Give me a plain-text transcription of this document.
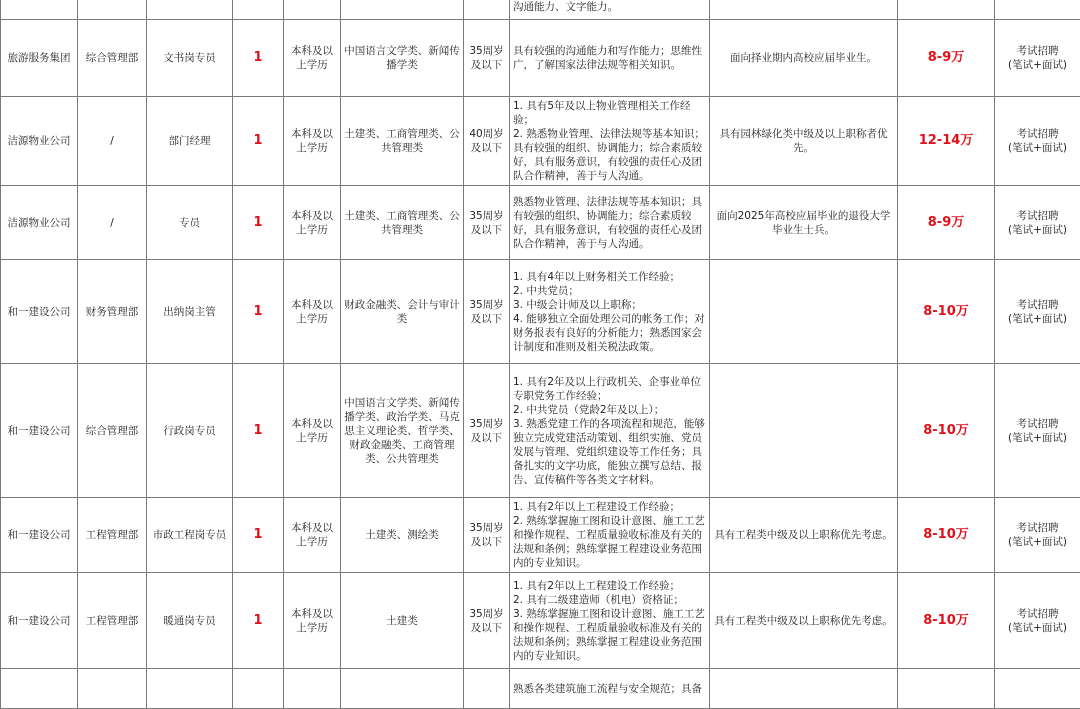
							沟通能力、文字能力。			

旅游服务集团	综合管理部	文书岗专员	1	本科及以上学历	中国语言文学类、新闻传播学类	35周岁及以下	具有较强的沟通能力和写作能力；思维性广，了解国家法律法规等相关知识。	面向择业期内高校应届毕业生。	8-9万	考试招聘
(笔试+面试)

洁源物业公司	/	部门经理	1	本科及以上学历	土建类、工商管理类、公共管理类	40周岁及以下	1. 具有5年及以上物业管理相关工作经验；
2. 熟悉物业管理、法律法规等基本知识；具有较强的组织、协调能力；综合素质较好，具有服务意识，有较强的责任心及团队合作精神，善于与人沟通。	具有园林绿化类中级及以上职称者优先。	12-14万	考试招聘
(笔试+面试)

洁源物业公司	/	专员	1	本科及以上学历	土建类、工商管理类、公共管理类	35周岁及以下	熟悉物业管理、法律法规等基本知识；具有较强的组织、协调能力；综合素质较好，具有服务意识，有较强的责任心及团队合作精神，善于与人沟通。	面向2025年高校应届毕业的退役大学毕业生士兵。	8-9万	考试招聘
(笔试+面试)

和一建设公司	财务管理部	出纳岗主管	1	本科及以上学历	财政金融类、会计与审计类	35周岁及以下	1. 具有4年以上财务相关工作经验；
2. 中共党员；
3. 中级会计师及以上职称；
4. 能够独立全面处理公司的帐务工作；对财务报表有良好的分析能力；熟悉国家会计制度和准则及相关税法政策。		8-10万	考试招聘
(笔试+面试)

和一建设公司	综合管理部	行政岗专员	1	本科及以上学历	中国语言文学类、新闻传播学类、政治学类、马克思主义理论类、哲学类、财政金融类、工商管理类、公共管理类	35周岁及以下	1. 具有2年及以上行政机关、企事业单位专职党务工作经验；
2. 中共党员（党龄2年及以上）；
3. 熟悉党建工作的各项流程和规范，能够独立完成党建活动策划、组织实施、党员发展与管理、党组织建设等工作任务；具备扎实的文字功底，能独立撰写总结、报告、宣传稿件等各类文字材料。		8-10万	考试招聘
(笔试+面试)

和一建设公司	工程管理部	市政工程岗专员	1	本科及以上学历	土建类、测绘类	35周岁及以下	1. 具有2年以上工程建设工作经验；
2. 熟练掌握施工图和设计意图、施工工艺和操作规程、工程质量验收标准及有关的法规和条例；熟练掌握工程建设业务范围内的专业知识。	具有工程类中级及以上职称优先考虑。	8-10万	考试招聘
(笔试+面试)

和一建设公司	工程管理部	暖通岗专员	1	本科及以上学历	土建类	35周岁及以下	1. 具有2年以上工程建设工作经验；
2. 具有二级建造师（机电）资格证；
3. 熟练掌握施工图和设计意图、施工工艺和操作规程、工程质量验收标准及有关的法规和条例；熟练掌握工程建设业务范围内的专业知识。	具有工程类中级及以上职称优先考虑。	8-10万	考试招聘
(笔试+面试)

							熟悉各类建筑施工流程与安全规范；具备			
